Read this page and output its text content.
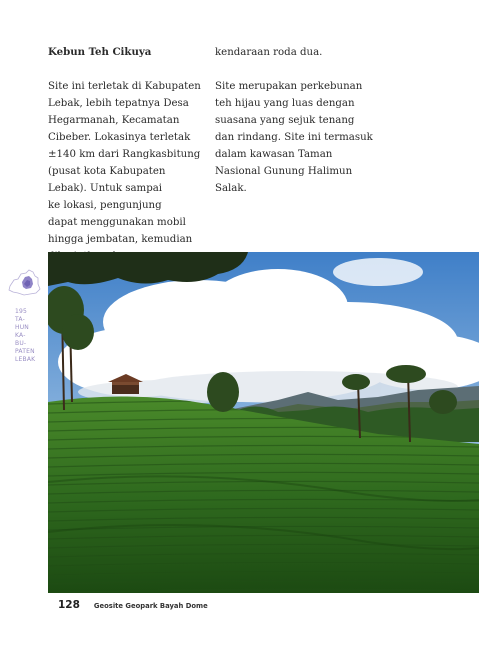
Kebun Teh Cikuya
Site ini terletak di Kabupaten
Lebak, lebih tepatnya Desa
Hegarmanah, Kecamatan
Cibeber. Lokasinya terletak
±140 km dari Rangkasbitung
(pusat kota Kabupaten
Lebak). Untuk sampai
ke lokasi, pengunjung
dapat menggunakan mobil
hingga jembatan, kemudian
kendaraan roda dua.
Site merupakan perkebunan
teh hijau yang luas dengan
suasana yang sejuk tenang
dan rindang. Site ini termasuk
dalam kawasan Taman
Nasional Gunung Halimun
Salak.
195
TA-
HUN
KA-
BU-
PATEN
LEBAK
128 Geosite Geopark Bayah Dome
